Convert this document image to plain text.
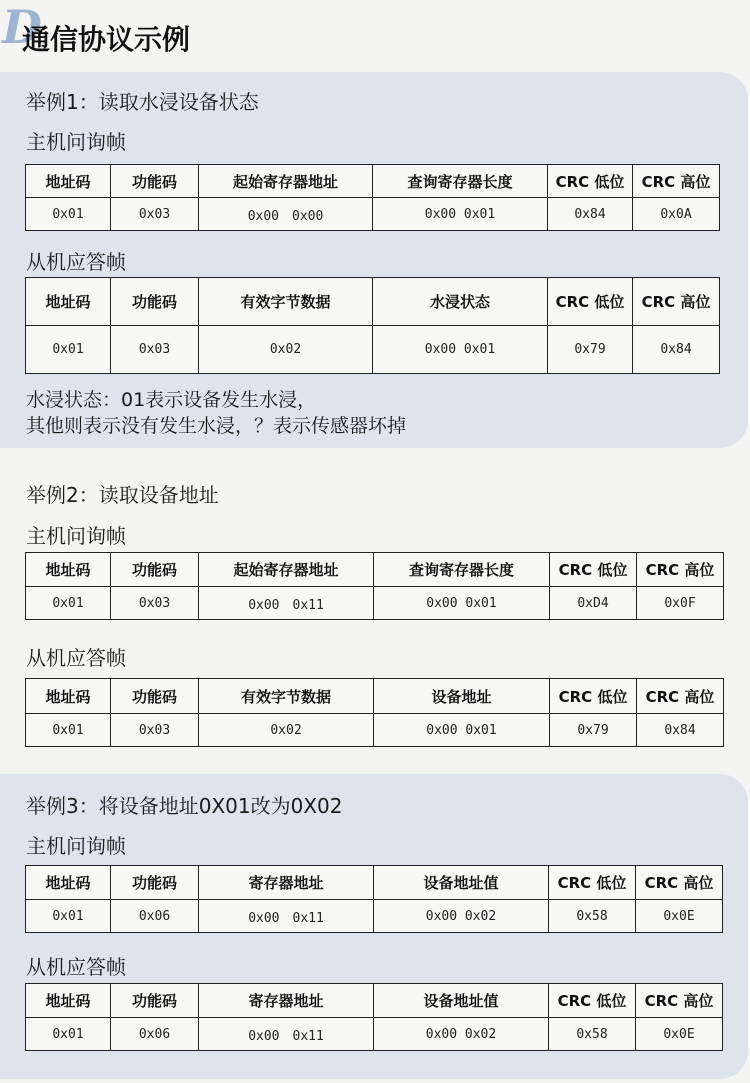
D
通信协议示例
举例1：读取水浸设备状态
主机问询帧
地址码	功能码	起始寄存器地址	查询寄存器长度	CRC 低位	CRC 高位
0x01	0x03	0x00　0x00	0x00 0x01	0x84	0x0A
从机应答帧
地址码	功能码	有效字节数据	水浸状态	CRC 低位	CRC 高位
0x01	0x03	0x02	0x00 0x01	0x79	0x84
水浸状态：01表示设备发生水浸，
其他则表示没有发生水浸，？表示传感器坏掉
举例2：读取设备地址
主机问询帧
地址码	功能码	起始寄存器地址	查询寄存器长度	CRC 低位	CRC 高位
0x01	0x03	0x00　0x11	0x00 0x01	0xD4	0x0F
从机应答帧
地址码	功能码	有效字节数据	设备地址	CRC 低位	CRC 高位
0x01	0x03	0x02	0x00 0x01	0x79	0x84
举例3：将设备地址0X01改为0X02
主机问询帧
地址码	功能码	寄存器地址	设备地址值	CRC 低位	CRC 高位
0x01	0x06	0x00　0x11	0x00 0x02	0x58	0x0E
从机应答帧
地址码	功能码	寄存器地址	设备地址值	CRC 低位	CRC 高位
0x01	0x06	0x00　0x11	0x00 0x02	0x58	0x0E
